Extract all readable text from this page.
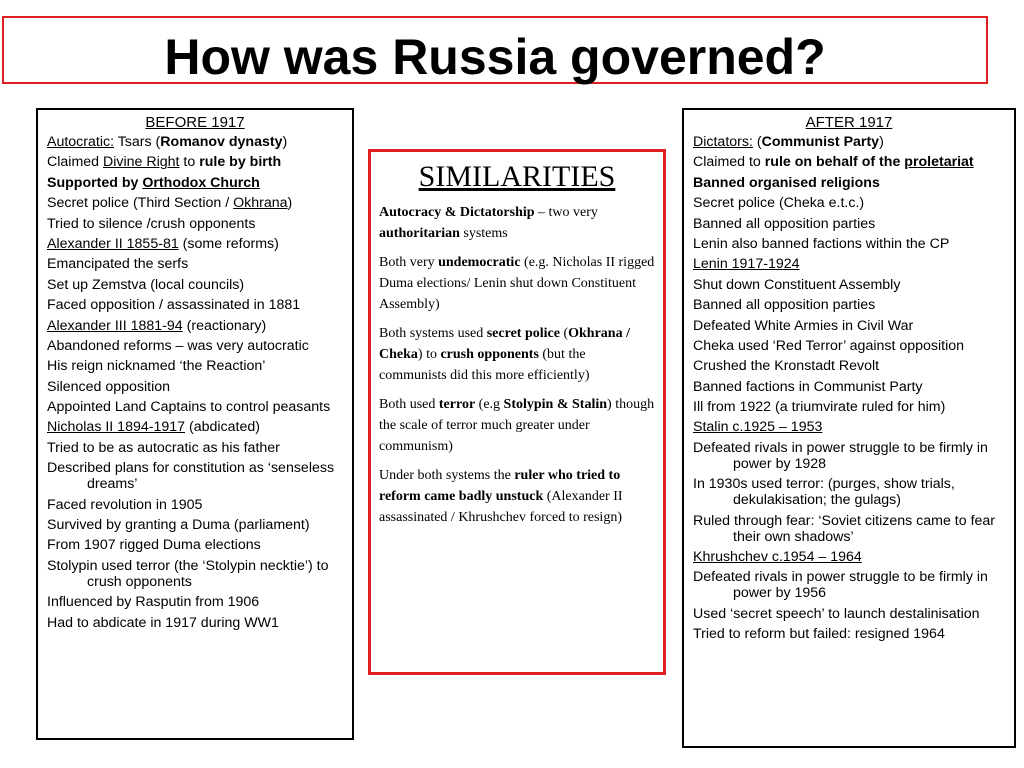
How was Russia governed?
BEFORE 1917
Autocratic: Tsars (Romanov dynasty)
Claimed Divine Right to rule by birth
Supported by Orthodox Church
Secret police (Third Section / Okhrana)
Tried to silence /crush opponents
Alexander II 1855-81 (some reforms)
Emancipated the serfs
Set up Zemstva (local councils)
Faced opposition / assassinated in 1881
Alexander III 1881-94 (reactionary)
Abandoned reforms – was very autocratic
His reign nicknamed ‘the Reaction’
Silenced opposition
Appointed Land Captains to control peasants
Nicholas II 1894-1917 (abdicated)
Tried to be as autocratic as his father
Described plans for constitution as ‘senseless dreams’
Faced revolution in 1905
Survived by granting a Duma (parliament)
From 1907 rigged Duma elections
Stolypin used terror (the ‘Stolypin necktie’) to crush opponents
Influenced by Rasputin from 1906
Had to abdicate in 1917 during WW1
SIMILARITIES
Autocracy & Dictatorship – two very authoritarian systems
Both very undemocratic (e.g. Nicholas II rigged Duma elections/ Lenin shut down Constituent Assembly)
Both systems used secret police (Okhrana / Cheka) to crush opponents (but the communists did this more efficiently)
Both used terror (e.g Stolypin & Stalin) though the scale of terror much greater under communism)
Under both systems the ruler who tried to reform came badly unstuck (Alexander II assassinated / Khrushchev forced to resign)
AFTER 1917
Dictators: (Communist Party)
Claimed to rule on behalf of the proletariat
Banned organised religions
Secret police (Cheka e.t.c.)
Banned all opposition parties
Lenin also banned factions within the CP
Lenin 1917-1924
Shut down Constituent Assembly
Banned all opposition parties
Defeated White Armies in Civil War
Cheka used ‘Red Terror’ against opposition
Crushed the Kronstadt Revolt
Banned factions in Communist Party
Ill from 1922 (a triumvirate ruled for him)
Stalin c.1925 – 1953
Defeated rivals in power struggle to be firmly in power by 1928
In 1930s used terror: (purges, show trials, dekulakisation; the gulags)
Ruled through fear: ‘Soviet citizens came to fear their own shadows’
Khrushchev c.1954 – 1964
Defeated rivals in power struggle to be firmly in power by 1956
Used ‘secret speech’ to launch destalinisation
Tried to reform but failed: resigned 1964
